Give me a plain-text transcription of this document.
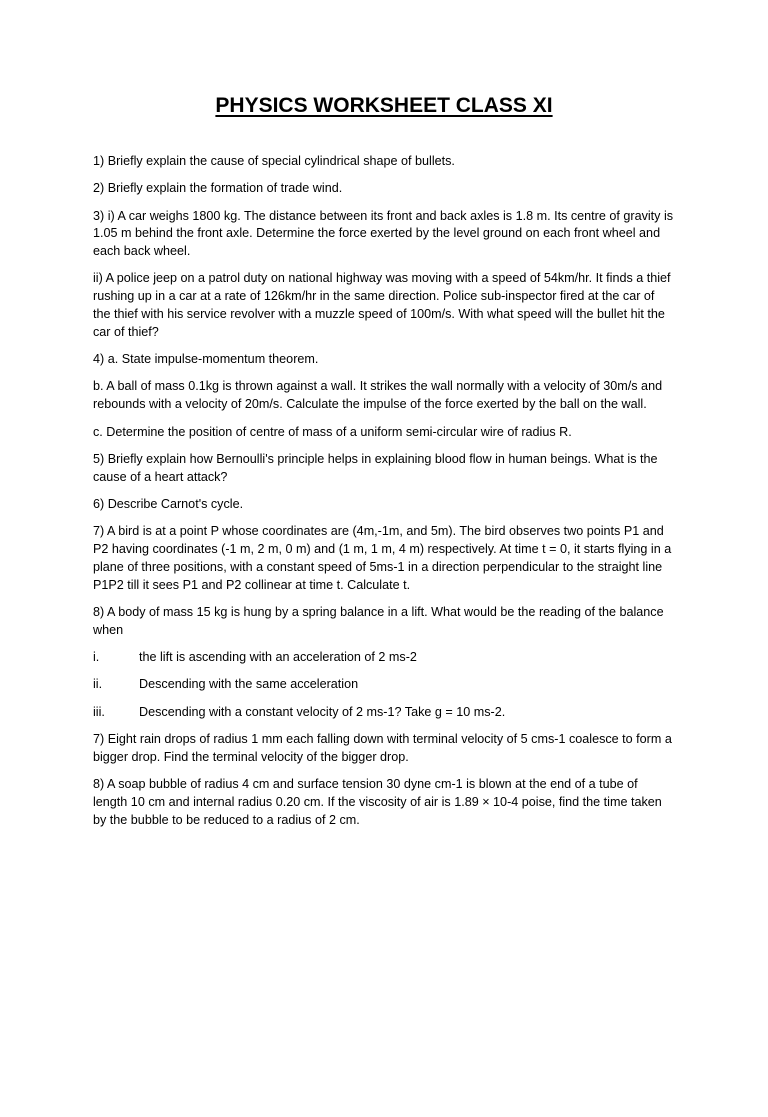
PHYSICS WORKSHEET CLASS XI

1) Briefly explain the cause of special cylindrical shape of bullets.

2) Briefly explain the formation of trade wind.

3) i) A car weighs 1800 kg. The distance between its front and back axles is 1.8 m. Its centre of gravity is 1.05 m behind the front axle. Determine the force exerted by the level ground on each front wheel and each back wheel.

ii) A police jeep on a patrol duty on national highway was moving with a speed of 54km/hr. It finds a thief rushing up in a car at a rate of 126km/hr in the same direction. Police sub-inspector fired at the car of the thief with his service revolver with a muzzle speed of 100m/s. With what speed will the bullet hit the car of thief?

4) a. State impulse-momentum theorem.

b. A ball of mass 0.1kg is thrown against a wall. It strikes the wall normally with a velocity of 30m/s and rebounds with a velocity of 20m/s. Calculate the impulse of the force exerted by the ball on the wall.

c. Determine the position of centre of mass of a uniform semi-circular wire of radius R.

5) Briefly explain how Bernoulli's principle helps in explaining blood flow in human beings. What is the cause of a heart attack?

6) Describe Carnot's cycle.

7) A bird is at a point P whose coordinates are (4m,-1m, and 5m). The bird observes two points P1 and P2 having coordinates (-1 m, 2 m, 0 m) and (1 m, 1 m, 4 m) respectively. At time t = 0, it starts flying in a plane of three positions, with a constant speed of 5ms-1 in a direction perpendicular to the straight line P1P2 till it sees P1 and P2 collinear at time t. Calculate t.

8) A body of mass 15 kg is hung by a spring balance in a lift. What would be the reading of the balance when

i.	the lift is ascending with an acceleration of 2 ms-2
ii.	Descending with the same acceleration
iii.	Descending with a constant velocity of 2 ms-1? Take g = 10 ms-2.

7) Eight rain drops of radius 1 mm each falling down with terminal velocity of 5 cms-1 coalesce to form a bigger drop. Find the terminal velocity of the bigger drop.

8) A soap bubble of radius 4 cm and surface tension 30 dyne cm-1 is blown at the end of a tube of length 10 cm and internal radius 0.20 cm. If the viscosity of air is 1.89 × 10-4 poise, find the time taken by the bubble to be reduced to a radius of 2 cm.
